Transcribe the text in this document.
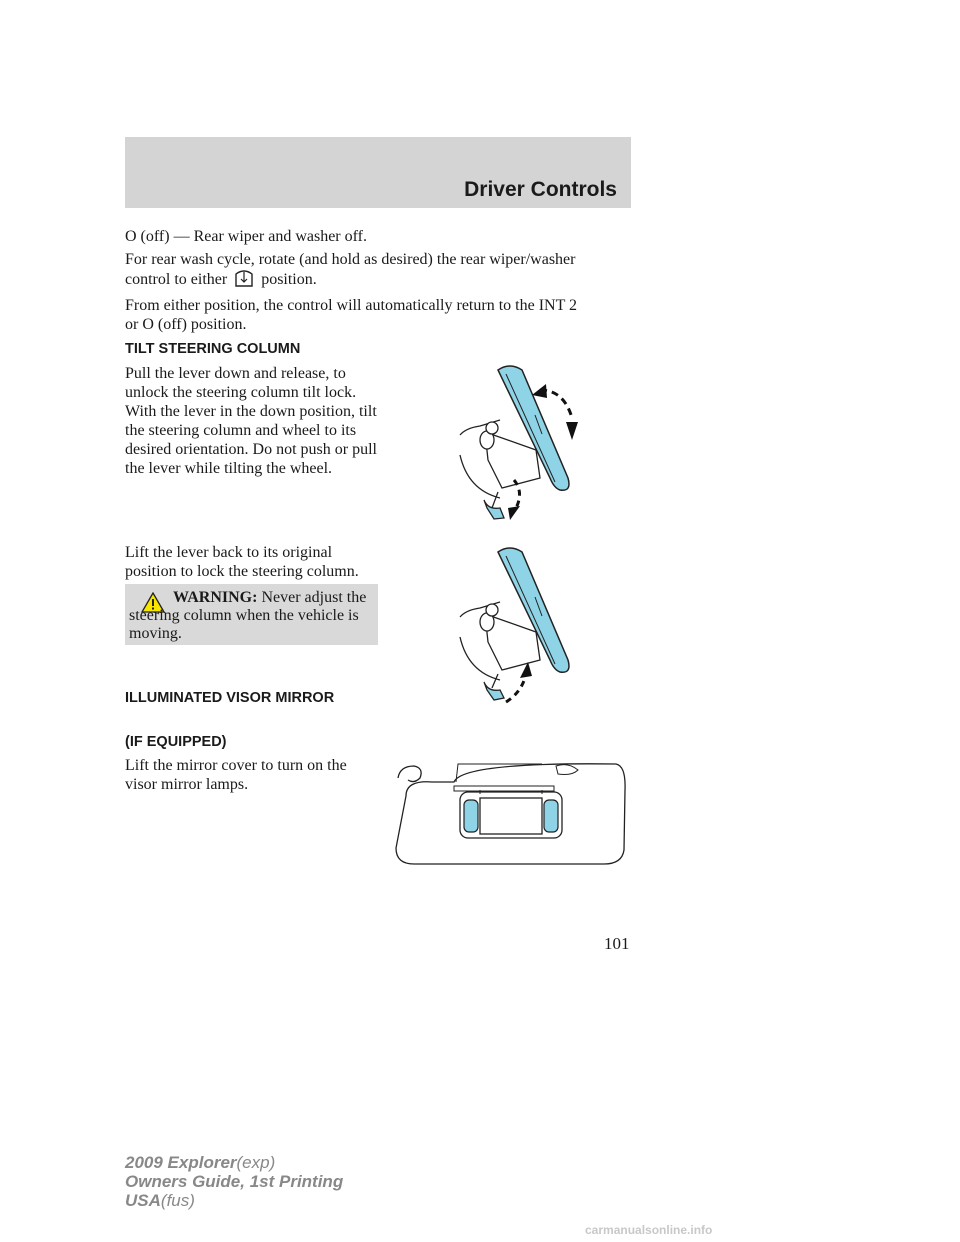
Driver Controls

O (off) — Rear wiper and washer off.

For rear wash cycle, rotate (and hold as desired) the rear wiper/washer

control to either position.

From either position, the control will automatically return to the INT 2

or O (off) position.

TILT STEERING COLUMN

Pull the lever down and release, to unlock the steering column tilt lock. With the lever in the down position, tilt the steering column and wheel to its desired orientation. Do not push or pull the lever while tilting the wheel.

Lift the lever back to its original position to lock the steering column.

WARNING: Never adjust the steering column when the vehicle is moving.

ILLUMINATED VISOR MIRROR

(IF EQUIPPED)

Lift the mirror cover to turn on the visor mirror lamps.

101
2009 Explorer(exp)
Owners Guide, 1st Printing
USA(fus)
carmanualsonline.info
